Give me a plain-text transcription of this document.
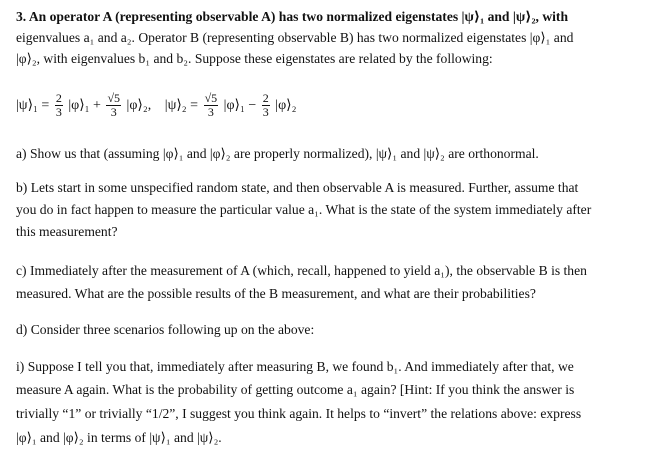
3. An operator A (representing observable A) has two normalized eigenstates |ψ⟩₁ and |ψ⟩₂, with
eigenvalues a₁ and a₂. Operator B (representing observable B) has two normalized eigenstates |φ⟩₁ and
|φ⟩₂, with eigenvalues b₁ and b₂. Suppose these eigenstates are related by the following:
|ψ⟩₁ = $\frac{2}{3}$ |φ⟩₁ + $\frac{√5}{3}$ |φ⟩₂, |ψ⟩₂ = $\frac{√5}{3}$ |φ⟩₁ − $\frac{2}{3}$ |φ⟩₂
a) Show us that (assuming |φ⟩₁ and |φ⟩₂ are properly normalized), |ψ⟩₁ and |ψ⟩₂ are orthonormal.
b) Lets start in some unspecified random state, and then observable A is measured. Further, assume that
you do in fact happen to measure the particular value a₁. What is the state of the system immediately after
this measurement?
c) Immediately after the measurement of A (which, recall, happened to yield a₁), the observable B is then
measured. What are the possible results of the B measurement, and what are their probabilities?
d) Consider three scenarios following up on the above:
i) Suppose I tell you that, immediately after measuring B, we found b₁. And immediately after that, we
measure A again. What is the probability of getting outcome a₁ again? [Hint: If you think the answer is
trivially “1” or trivially “1/2”, I suggest you think again. It helps to “invert” the relations above: express
|φ⟩₁ and |φ⟩₂ in terms of |ψ⟩₁ and |ψ⟩₂.
